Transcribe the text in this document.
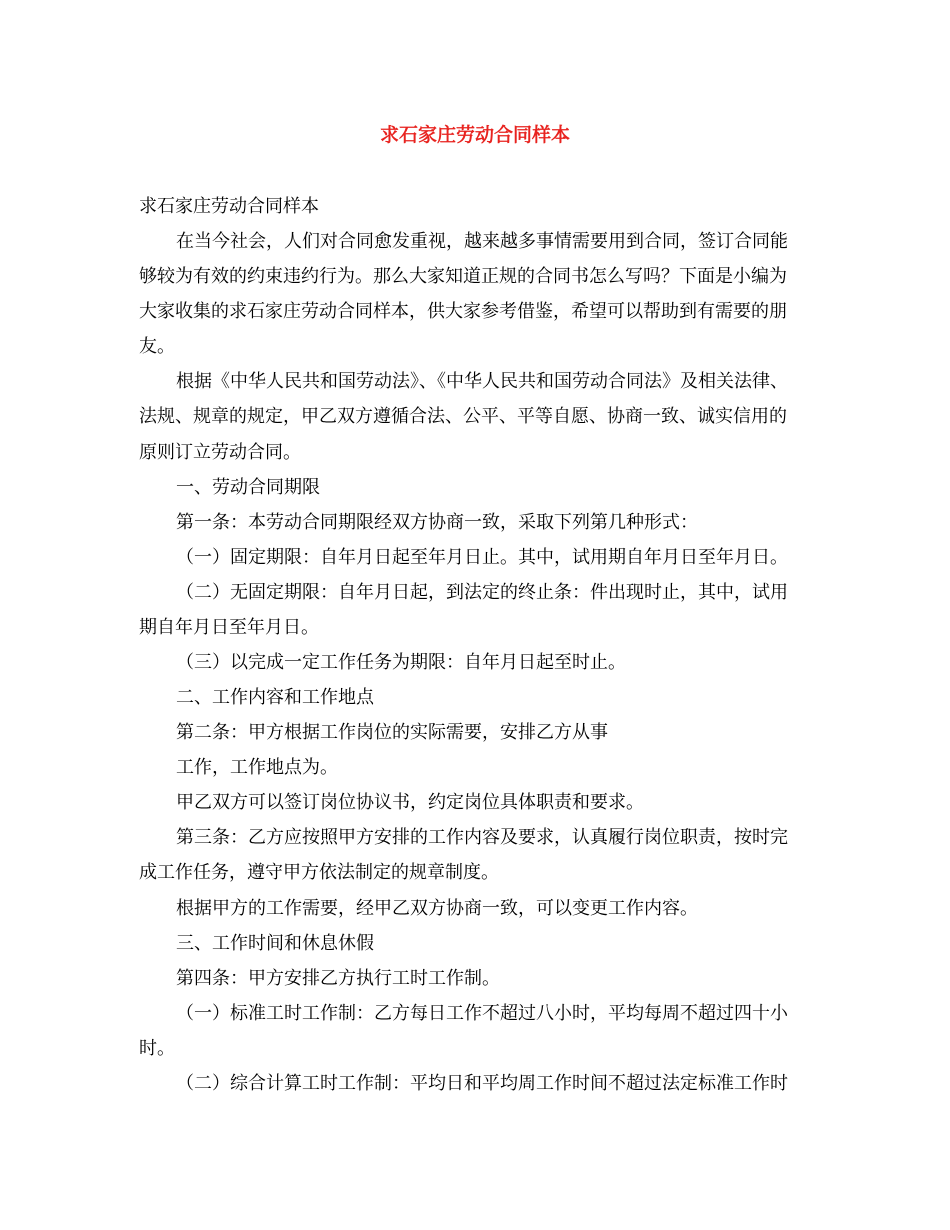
求石家庄劳动合同样本
求石家庄劳动合同样本
在当今社会，人们对合同愈发重视，越来越多事情需要用到合同，签订合同能
够较为有效的约束违约行为。那么大家知道正规的合同书怎么写吗？下面是小编为
大家收集的求石家庄劳动合同样本，供大家参考借鉴，希望可以帮助到有需要的朋
友。
根据《中华人民共和国劳动法》、《中华人民共和国劳动合同法》及相关法律、
法规、规章的规定，甲乙双方遵循合法、公平、平等自愿、协商一致、诚实信用的
原则订立劳动合同。
一、劳动合同期限
第一条：本劳动合同期限经双方协商一致，采取下列第几种形式：
（一）固定期限：自年月日起至年月日止。其中，试用期自年月日至年月日。
（二）无固定期限：自年月日起，到法定的终止条：件出现时止，其中，试用
期自年月日至年月日。
（三）以完成一定工作任务为期限：自年月日起至时止。
二、工作内容和工作地点
第二条：甲方根据工作岗位的实际需要，安排乙方从事
工作，工作地点为。
甲乙双方可以签订岗位协议书，约定岗位具体职责和要求。
第三条：乙方应按照甲方安排的工作内容及要求，认真履行岗位职责，按时完
成工作任务，遵守甲方依法制定的规章制度。
根据甲方的工作需要，经甲乙双方协商一致，可以变更工作内容。
三、工作时间和休息休假
第四条：甲方安排乙方执行工时工作制。
（一）标准工时工作制：乙方每日工作不超过八小时，平均每周不超过四十小
时。
（二）综合计算工时工作制：平均日和平均周工作时间不超过法定标准工作时
